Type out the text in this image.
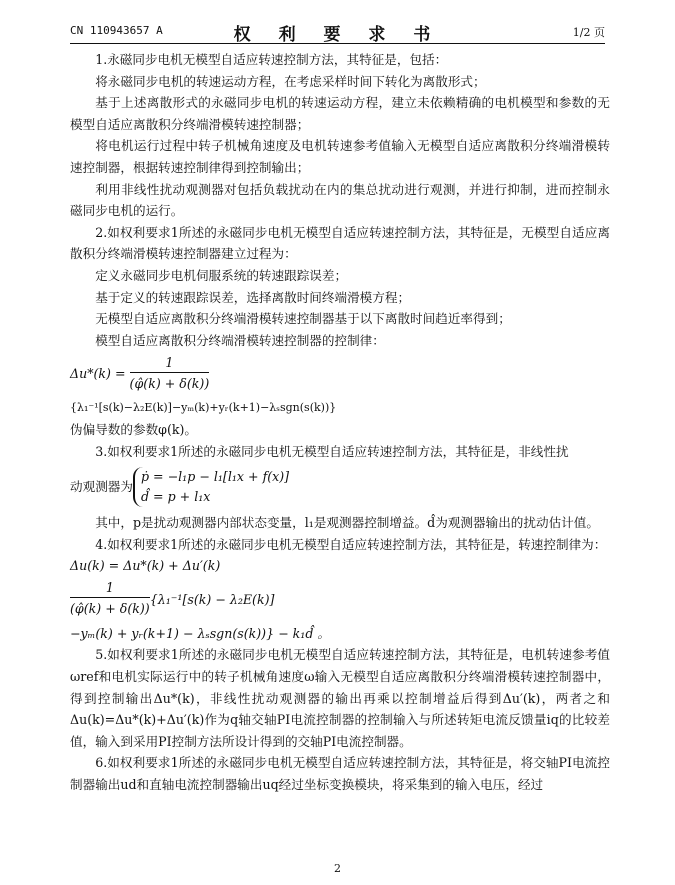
CN 110943657 A	权 利 要 求 书	1/2 页

1.永磁同步电机无模型自适应转速控制方法，其特征是，包括：

将永磁同步电机的转速运动方程，在考虑采样时间下转化为离散形式；

基于上述离散形式的永磁同步电机的转速运动方程，建立未依赖精确的电机模型和参数的无模型自适应离散积分终端滑模转速控制器；

将电机运行过程中转子机械角速度及电机转速参考值输入无模型自适应离散积分终端滑模转速控制器，根据转速控制律得到控制输出；

利用非线性扰动观测器对包括负载扰动在内的集总扰动进行观测，并进行抑制，进而控制永磁同步电机的运行。

2.如权利要求1所述的永磁同步电机无模型自适应转速控制方法，其特征是，无模型自适应离散积分终端滑模转速控制器建立过程为：

定义永磁同步电机伺服系统的转速跟踪误差；

基于定义的转速跟踪误差，选择离散时间终端滑模方程；

无模型自适应离散积分终端滑模转速控制器基于以下离散时间趋近率得到；

模型自适应离散积分终端滑模转速控制器的控制律：

$\Delta u*(k) = \frac{1}{(\varphî(k) + \delta(k))}$

{λ₁⁻¹[s(k)−λ₂E(k)]−yₘ(k)+yᵣ(k+1)−λₛsgn(s(k))}

伪偏导数的参数φ(k)。

3.如权利要求1所述的永磁同步电机无模型自适应转速控制方法，其特征是，非线性扰

动观测器为
ṗ = −l₁p − l₁[l₁x + f(x)]
d̂ = p + l₁x

其中，p是扰动观测器内部状态变量，l₁是观测器控制增益。d̂为观测器输出的扰动估计值。

4.如权利要求1所述的永磁同步电机无模型自适应转速控制方法，其特征是，转速控制律为：

Δu(k) = Δu*(k) + Δu′(k)

$\frac{1}{(\varphî(k) + \delta(k))} \{\lambda_1^{-1}[s(k) - \lambda_2E(k)]$

−yₘ(k) + yᵣ(k+1) − λₛsgn(s(k))} − k₁d̂ 。

5.如权利要求1所述的永磁同步电机无模型自适应转速控制方法，其特征是，电机转速参考值ωref和电机实际运行中的转子机械角速度ω输入无模型自适应离散积分终端滑模转速控制器中，得到控制输出Δu*(k)，非线性扰动观测器的输出再乘以控制增益后得到Δu′(k)，两者之和Δu(k)=Δu*(k)+Δu′(k)作为q轴交轴PI电流控制器的控制输入与所述转矩电流反馈量iq的比较差值，输入到采用PI控制方法所设计得到的交轴PI电流控制器。

6.如权利要求1所述的永磁同步电机无模型自适应转速控制方法，其特征是，将交轴PI电流控制器输出ud和直轴电流控制器输出uq经过坐标变换模块，将采集到的输入电压，经过

2
